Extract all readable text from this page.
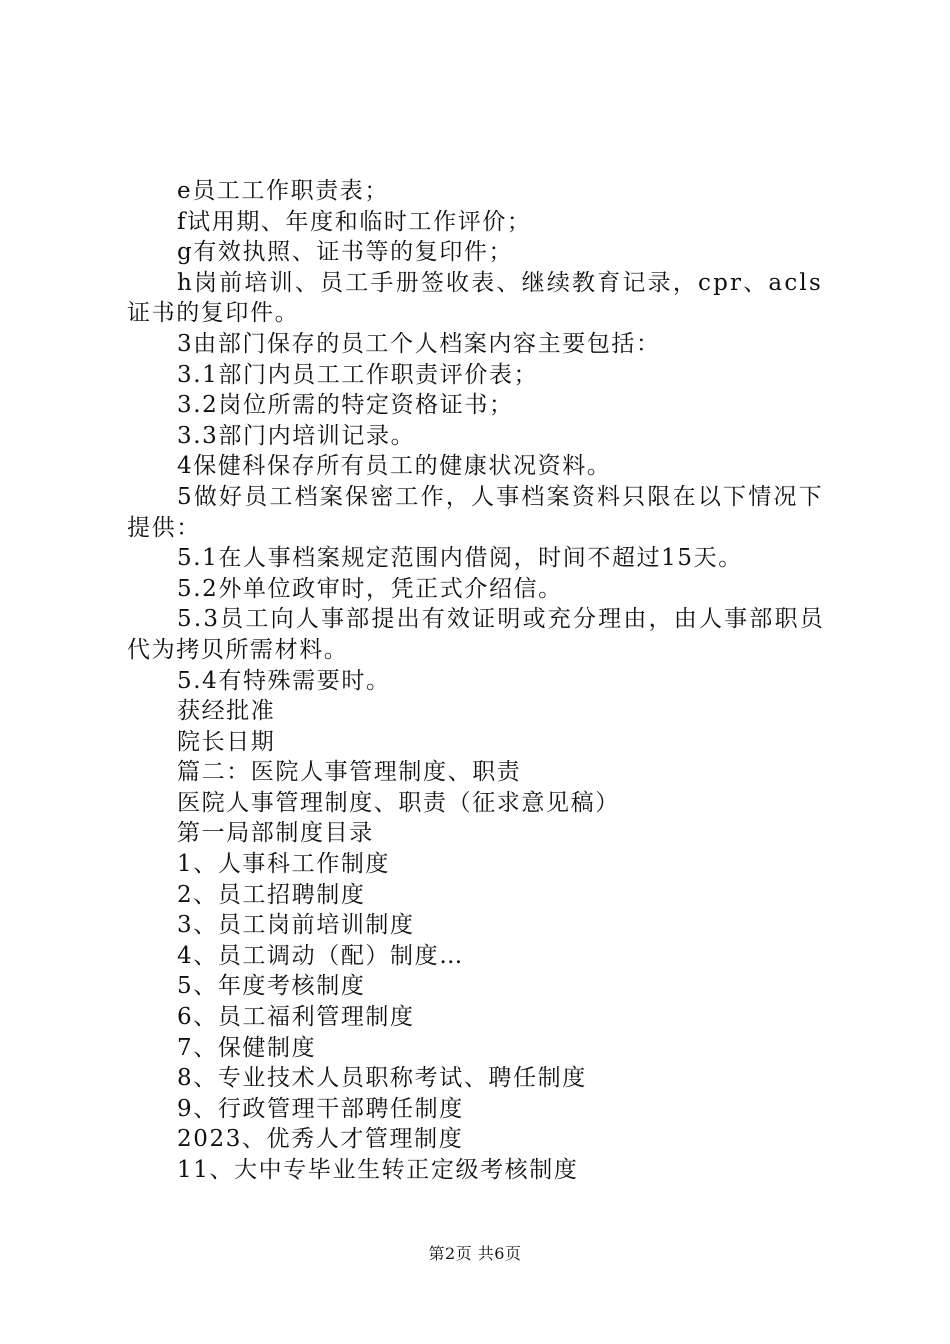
e员工工作职责表；
f试用期、年度和临时工作评价；
g有效执照、证书等的复印件；
h岗前培训、员工手册签收表、继续教育记录，cpr、acls
证书的复印件。
3由部门保存的员工个人档案内容主要包括：
3.1部门内员工工作职责评价表；
3.2岗位所需的特定资格证书；
3.3部门内培训记录。
4保健科保存所有员工的健康状况资料。
5做好员工档案保密工作，人事档案资料只限在以下情况下
提供：
5.1在人事档案规定范围内借阅，时间不超过15天。
5.2外单位政审时，凭正式介绍信。
5.3员工向人事部提出有效证明或充分理由，由人事部职员
代为拷贝所需材料。
5.4有特殊需要时。
获经批准
院长日期
篇二：医院人事管理制度、职责
医院人事管理制度、职责（征求意见稿）
第一局部制度目录
1、人事科工作制度
2、员工招聘制度
3、员工岗前培训制度
4、员工调动（配）制度…
5、年度考核制度
6、员工福利管理制度
7、保健制度
8、专业技术人员职称考试、聘任制度
9、行政管理干部聘任制度
2023、优秀人才管理制度
11、大中专毕业生转正定级考核制度
第2页 共6页
